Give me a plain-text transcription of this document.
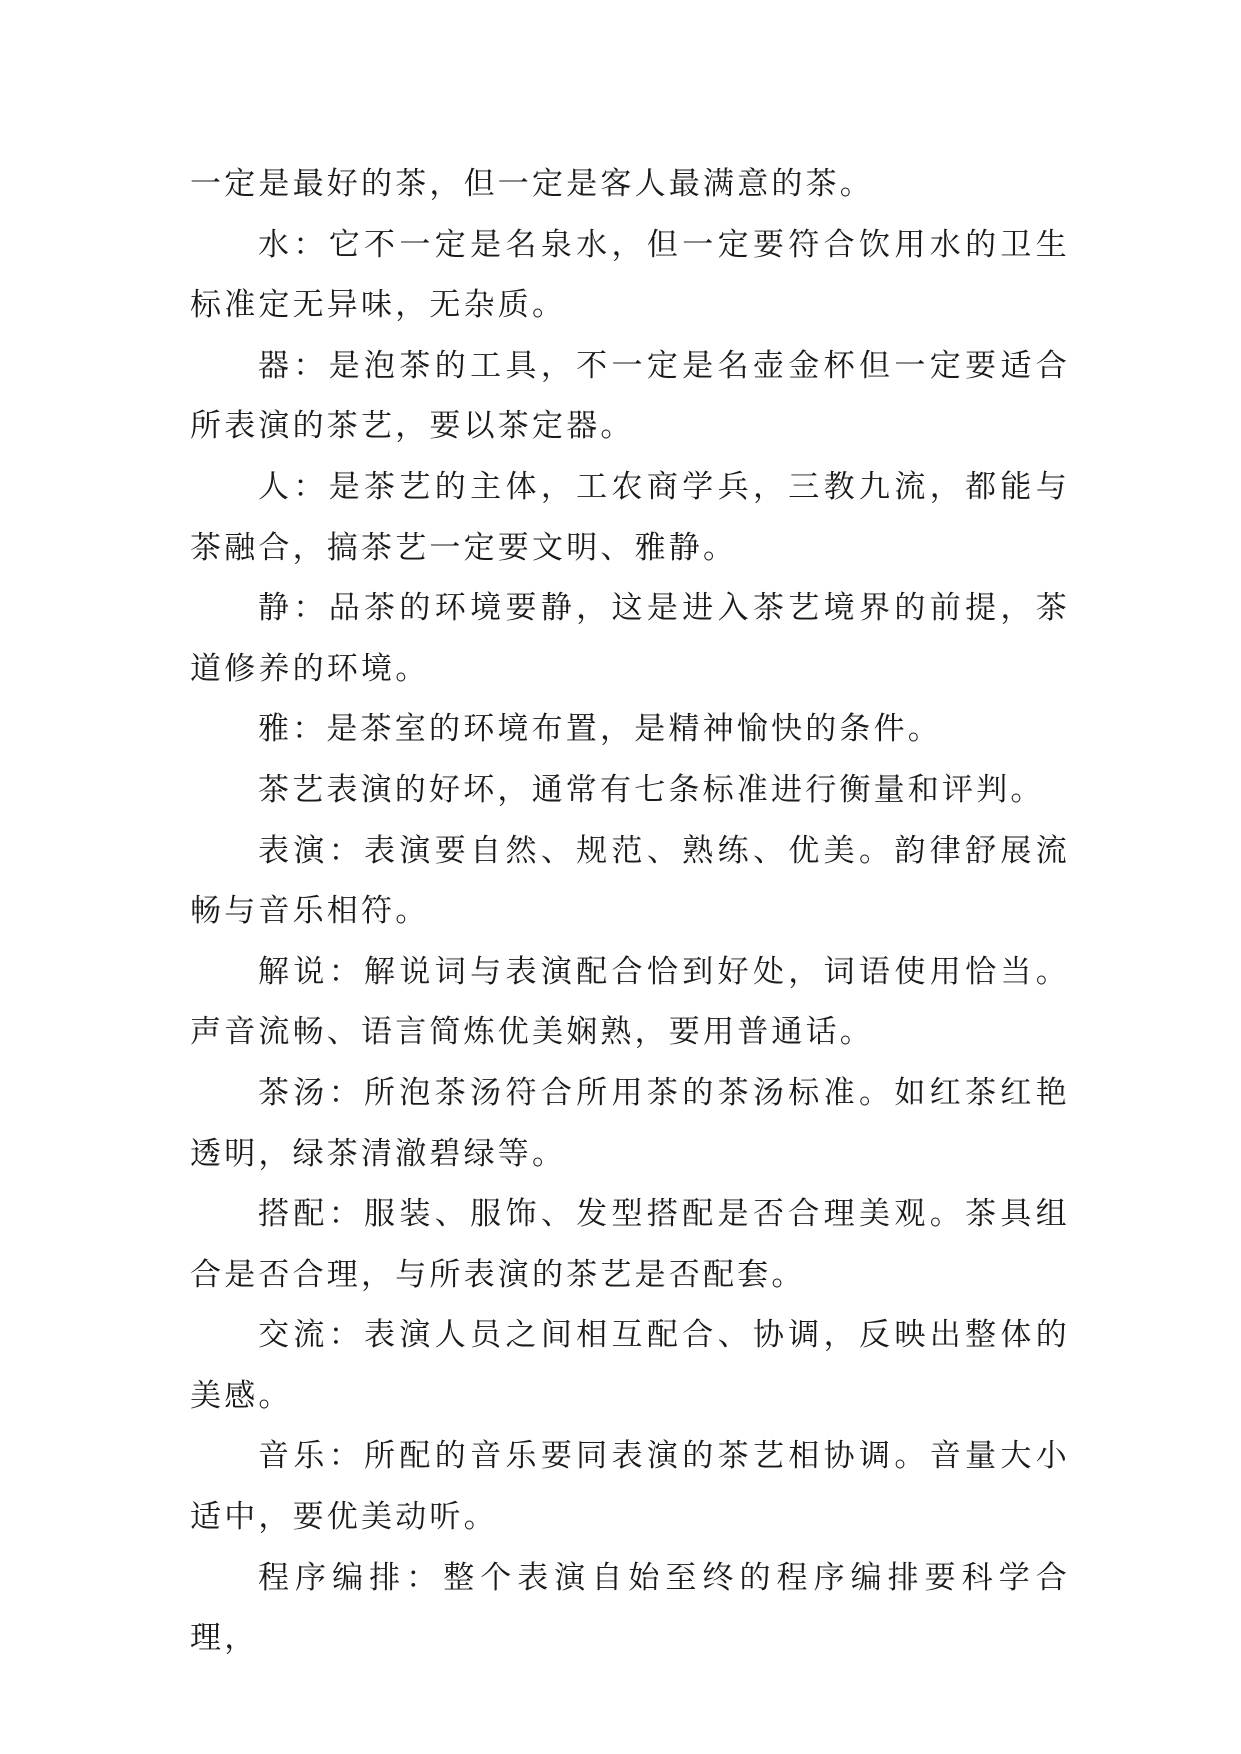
一定是最好的茶，但一定是客人最满意的茶。

水：它不一定是名泉水，但一定要符合饮用水的卫生标准定无异味，无杂质。

器：是泡茶的工具，不一定是名壶金杯但一定要适合所表演的茶艺，要以茶定器。

人：是茶艺的主体，工农商学兵，三教九流，都能与茶融合，搞茶艺一定要文明、雅静。

静：品茶的环境要静，这是进入茶艺境界的前提，茶道修养的环境。

雅：是茶室的环境布置，是精神愉快的条件。

茶艺表演的好坏，通常有七条标准进行衡量和评判。

表演：表演要自然、规范、熟练、优美。韵律舒展流畅与音乐相符。

解说：解说词与表演配合恰到好处，词语使用恰当。声音流畅、语言简炼优美娴熟，要用普通话。

茶汤：所泡茶汤符合所用茶的茶汤标准。如红茶红艳透明，绿茶清澈碧绿等。

搭配：服装、服饰、发型搭配是否合理美观。茶具组合是否合理，与所表演的茶艺是否配套。

交流：表演人员之间相互配合、协调，反映出整体的美感。

音乐：所配的音乐要同表演的茶艺相协调。音量大小适中，要优美动听。

程序编排：整个表演自始至终的程序编排要科学合理，
